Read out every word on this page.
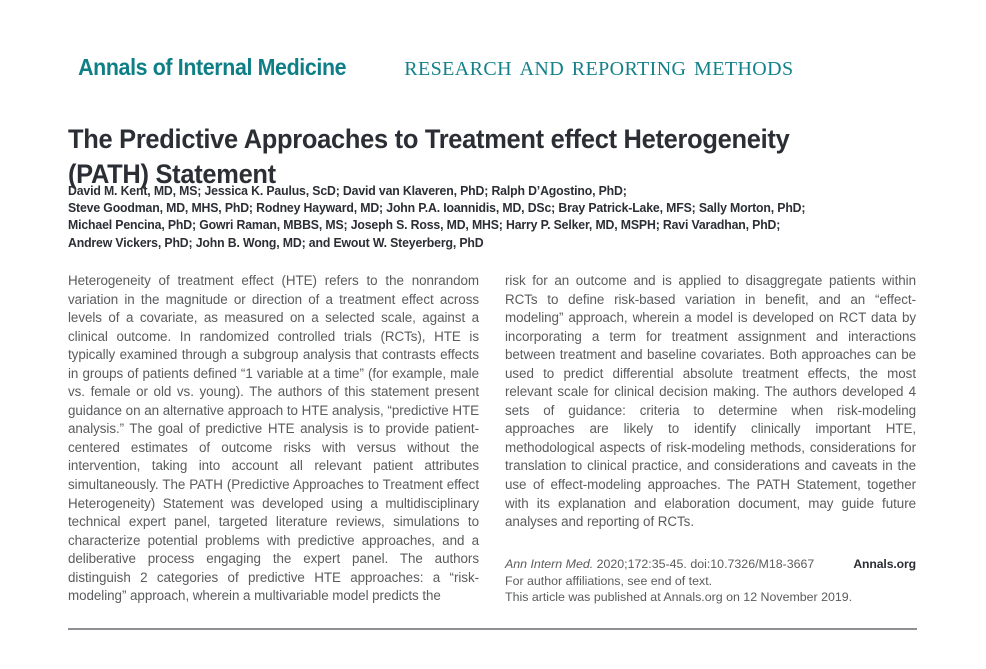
Annals of Internal Medicine research and reporting methods
The Predictive Approaches to Treatment effect Heterogeneity (PATH) Statement
David M. Kent, MD, MS; Jessica K. Paulus, ScD; David van Klaveren, PhD; Ralph D’Agostino, PhD;
Steve Goodman, MD, MHS, PhD; Rodney Hayward, MD; John P.A. Ioannidis, MD, DSc; Bray Patrick-Lake, MFS; Sally Morton, PhD;
Michael Pencina, PhD; Gowri Raman, MBBS, MS; Joseph S. Ross, MD, MHS; Harry P. Selker, MD, MSPH; Ravi Varadhan, PhD;
Andrew Vickers, PhD; John B. Wong, MD; and Ewout W. Steyerberg, PhD

Heterogeneity of treatment effect (HTE) refers to the nonrandom variation in the magnitude or direction of a treatment effect across levels of a covariate, as measured on a selected scale, against a clinical outcome. In randomized controlled trials (RCTs), HTE is typically examined through a subgroup analysis that contrasts effects in groups of patients defined “1 variable at a time” (for example, male vs. female or old vs. young). The authors of this statement present guidance on an alternative approach to HTE analysis, “predictive HTE analysis.” The goal of predictive HTE analysis is to provide patient-centered estimates of outcome risks with versus without the intervention, taking into account all relevant patient attributes simultaneously. The PATH (Predictive Approaches to Treatment effect Heterogeneity) Statement was developed using a multidisciplinary technical expert panel, targeted literature reviews, simulations to characterize potential problems with predictive approaches, and a deliberative process engaging the expert panel. The authors distinguish 2 categories of predictive HTE approaches: a “risk-modeling” approach, wherein a multivariable model predicts the

risk for an outcome and is applied to disaggregate patients within RCTs to define risk-based variation in benefit, and an “effect-modeling” approach, wherein a model is developed on RCT data by incorporating a term for treatment assignment and interactions between treatment and baseline covariates. Both approaches can be used to predict differential absolute treatment effects, the most relevant scale for clinical decision making. The authors developed 4 sets of guidance: criteria to determine when risk-modeling approaches are likely to identify clinically important HTE, methodological aspects of risk-modeling methods, considerations for translation to clinical practice, and considerations and caveats in the use of effect-modeling approaches. The PATH Statement, together with its explanation and elaboration document, may guide future analyses and reporting of RCTs.

Ann Intern Med. 2020;172:35-45. doi:10.7326/M18-3667	Annals.org
For author affiliations, see end of text.
This article was published at Annals.org on 12 November 2019.
